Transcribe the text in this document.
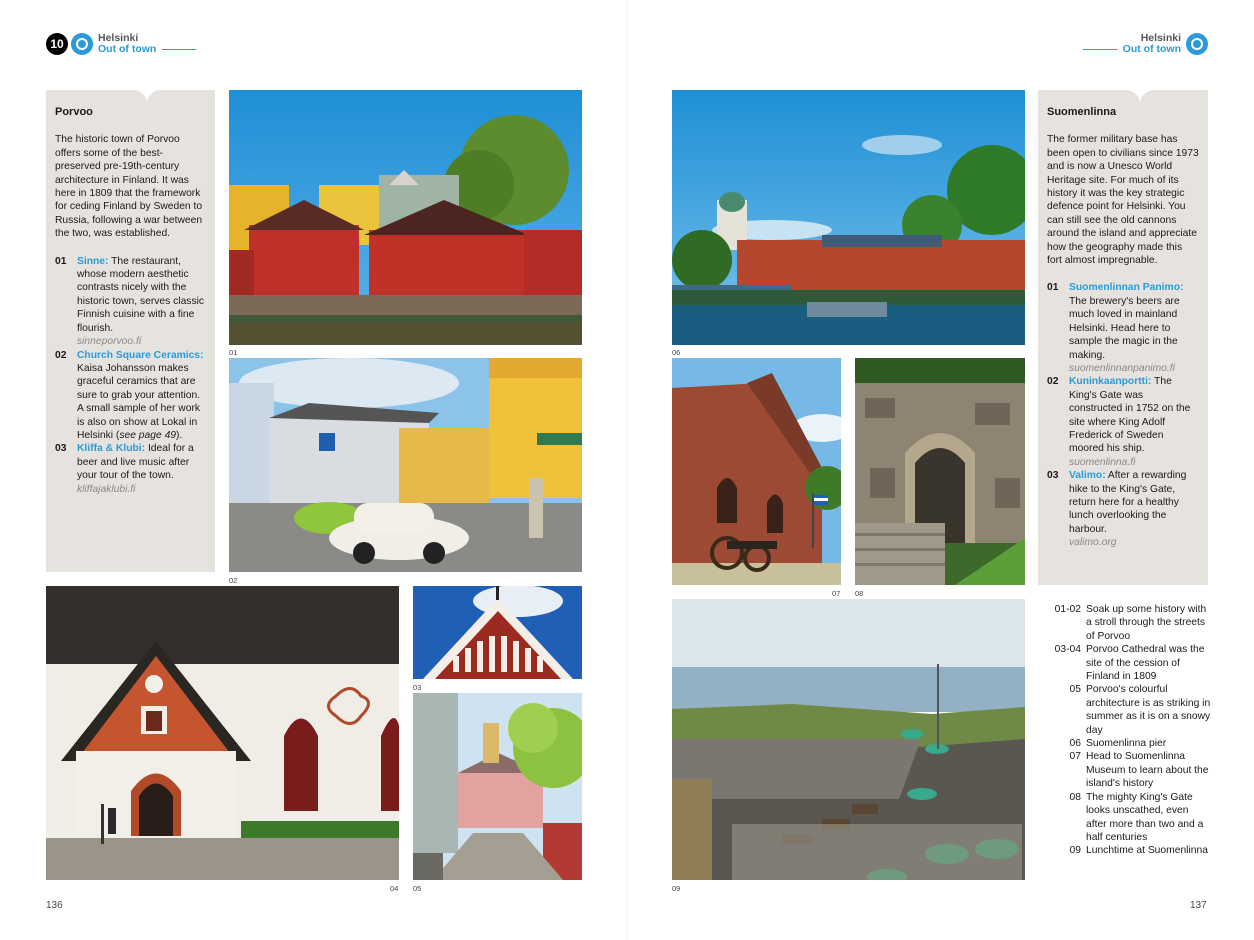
10	Helsinki
Out of town
Helsinki
Out of town
Porvoo

The historic town of Porvoo offers some of the best-preserved pre-19th-century architecture in Finland. It was here in 1809 that the framework for ceding Finland by Sweden to Russia, following a war between the two, was established.

01	Sinne: The restaurant, whose modern aesthetic contrasts nicely with the historic town, serves classic Finnish cuisine with a fine flourish.
sinneporvoo.fi
02	Church Square Ceramics: Kaisa Johansson makes graceful ceramics that are sure to grab your attention. A small sample of her work is also on show at Lokal in Helsinki (see page 49).
03	Kliffa & Klubi: Ideal for a beer and live music after your tour of the town.
kliffajaklubi.fi
Suomenlinna

The former military base has been open to civilians since 1973 and is now a Unesco World Heritage site. For much of its history it was the key strategic defence point for Helsinki. You can still see the old cannons around the island and appreciate how the geography made this fort almost impregnable.

01	Suomenlinnan Panimo: The brewery's beers are much loved in mainland Helsinki. Head here to sample the magic in the making.
suomenlinnanpanimo.fi
02	Kuninkaanportti: The King's Gate was constructed in 1752 on the site where King Adolf Frederick of Sweden moored his ship.
suomenlinna.fi
03	Valimo: After a rewarding hike to the King's Gate, return here for a healthy lunch overlooking the harbour.
valimo.org
01
02
03
04 05
06
07 08
09
01-02 Soak up some history with a stroll through the streets of Porvoo
03-04 Porvoo Cathedral was the site of the cession of Finland in 1809
05 Porvoo's colourful architecture is as striking in summer as it is on a snowy day
06 Suomenlinna pier
07 Head to Suomenlinna Museum to learn about the island's history
08 The mighty King's Gate looks unscathed, even after more than two and a half centuries
09 Lunchtime at Suomenlinna
136	137
